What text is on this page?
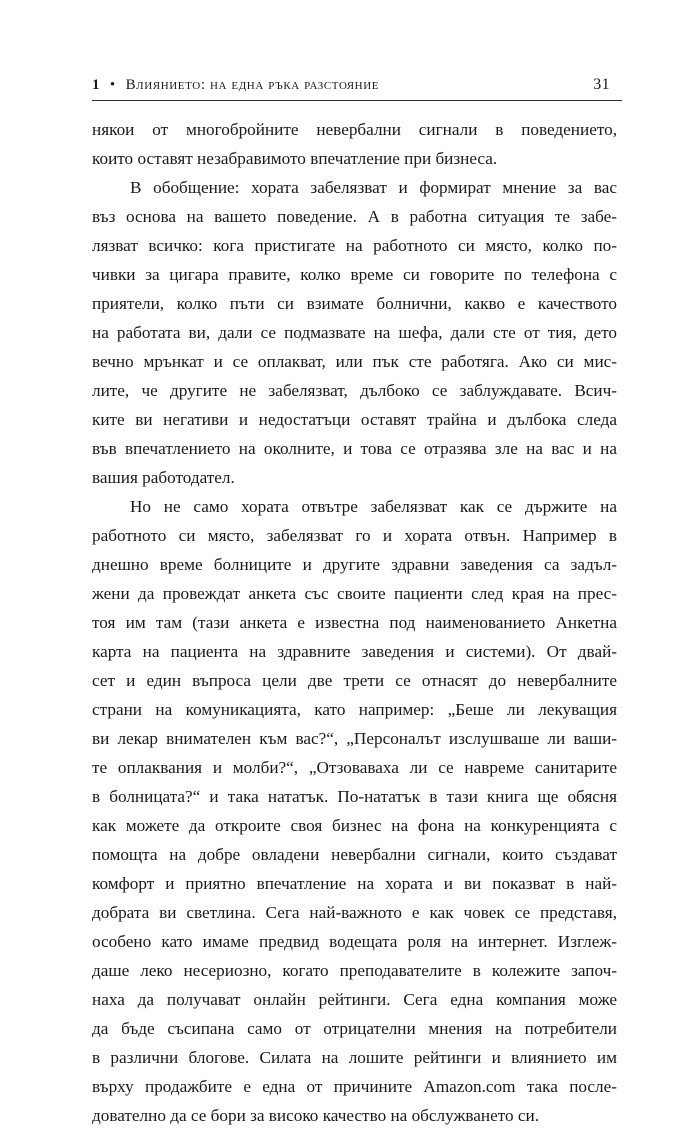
1 • Влиянието: на една ръка разстояние	31
някои от многобройните невербални сигнали в поведението,
които оставят незабравимото впечатление при бизнеса.
В обобщение: хората забелязват и формират мнение за вас
въз основа на вашето поведение. А в работна ситуация те забе-
лязват всичко: кога пристигате на работното си място, колко по-
чивки за цигара правите, колко време си говорите по телефона с
приятели, колко пъти си взимате болнични, какво е качеството
на работата ви, дали се подмазвате на шефа, дали сте от тия, дето
вечно мрънкат и се оплакват, или пък сте работяга. Ако си мис-
лите, че другите не забелязват, дълбоко се заблуждавате. Всич-
ките ви негативи и недостатъци оставят трайна и дълбока следа
във впечатлението на околните, и това се отразява зле на вас и на
вашия работодател.
Но не само хората отвътре забелязват как се държите на
работното си място, забелязват го и хората отвън. Например в
днешно време болниците и другите здравни заведения са задъл-
жени да провеждат анкета със своите пациенти след края на прес-
тоя им там (тази анкета е известна под наименованието Анкетна
карта на пациента на здравните заведения и системи). От двай-
сет и един въпроса цели две трети се отнасят до невербалните
страни на комуникацията, като например: „Беше ли лекуващия
ви лекар внимателен към вас?“, „Персоналът изслушваше ли ваши-
те оплаквания и молби?“, „Отзоваваха ли се навреме санитарите
в болницата?“ и така нататък. По-нататък в тази книга ще обясня
как можете да откроите своя бизнес на фона на конкуренцията с
помощта на добре овладени невербални сигнали, които създават
комфорт и приятно впечатление на хората и ви показват в най-
добрата ви светлина. Сега най-важното е как човек се представя,
особено като имаме предвид водещата роля на интернет. Изглеж-
даше леко несериозно, когато преподавателите в колежите започ-
наха да получават онлайн рейтинги. Сега една компания може
да бъде съсипана само от отрицателни мнения на потребители
в различни блогове. Силата на лошите рейтинги и влиянието им
върху продажбите е една от причините Amazon.com така после-
дователно да се бори за високо качество на обслужването си.
